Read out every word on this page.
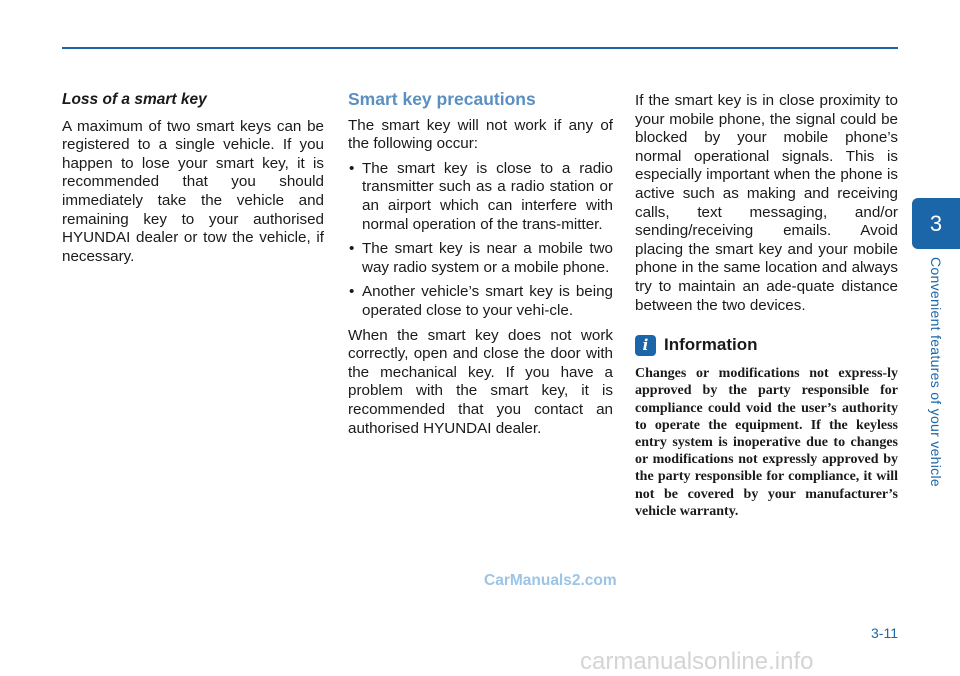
Loss of a smart key

A maximum of two smart keys can be registered to a single vehicle. If you happen to lose your smart key, it is recommended that you should immediately take the vehicle and remaining key to your authorised HYUNDAI dealer or tow the vehicle, if necessary.

Smart key precautions

The smart key will not work if any of the following occur:

• The smart key is close to a radio transmitter such as a radio station or an airport which can interfere with normal operation of the trans-mitter.
• The smart key is near a mobile two way radio system or a mobile phone.
• Another vehicle’s smart key is being operated close to your vehi-cle.

When the smart key does not work correctly, open and close the door with the mechanical key. If you have a problem with the smart key, it is recommended that you contact an authorised HYUNDAI dealer.

If the smart key is in close proximity to your mobile phone, the signal could be blocked by your mobile phone’s normal operational signals. This is especially important when the phone is active such as making and receiving calls, text messaging, and/or sending/receiving emails. Avoid placing the smart key and your mobile phone in the same location and always try to maintain an ade-quate distance between the two devices.

i Information

Changes or modifications not express-ly approved by the party responsible for compliance could void the user’s authority to operate the equipment. If the keyless entry system is inoperative due to changes or modifications not expressly approved by the party responsible for compliance, it will not be covered by your manufacturer’s vehicle warranty.

3
Convenient features of your vehicle
3-11
CarManuals2.com
carmanualsonline.info
